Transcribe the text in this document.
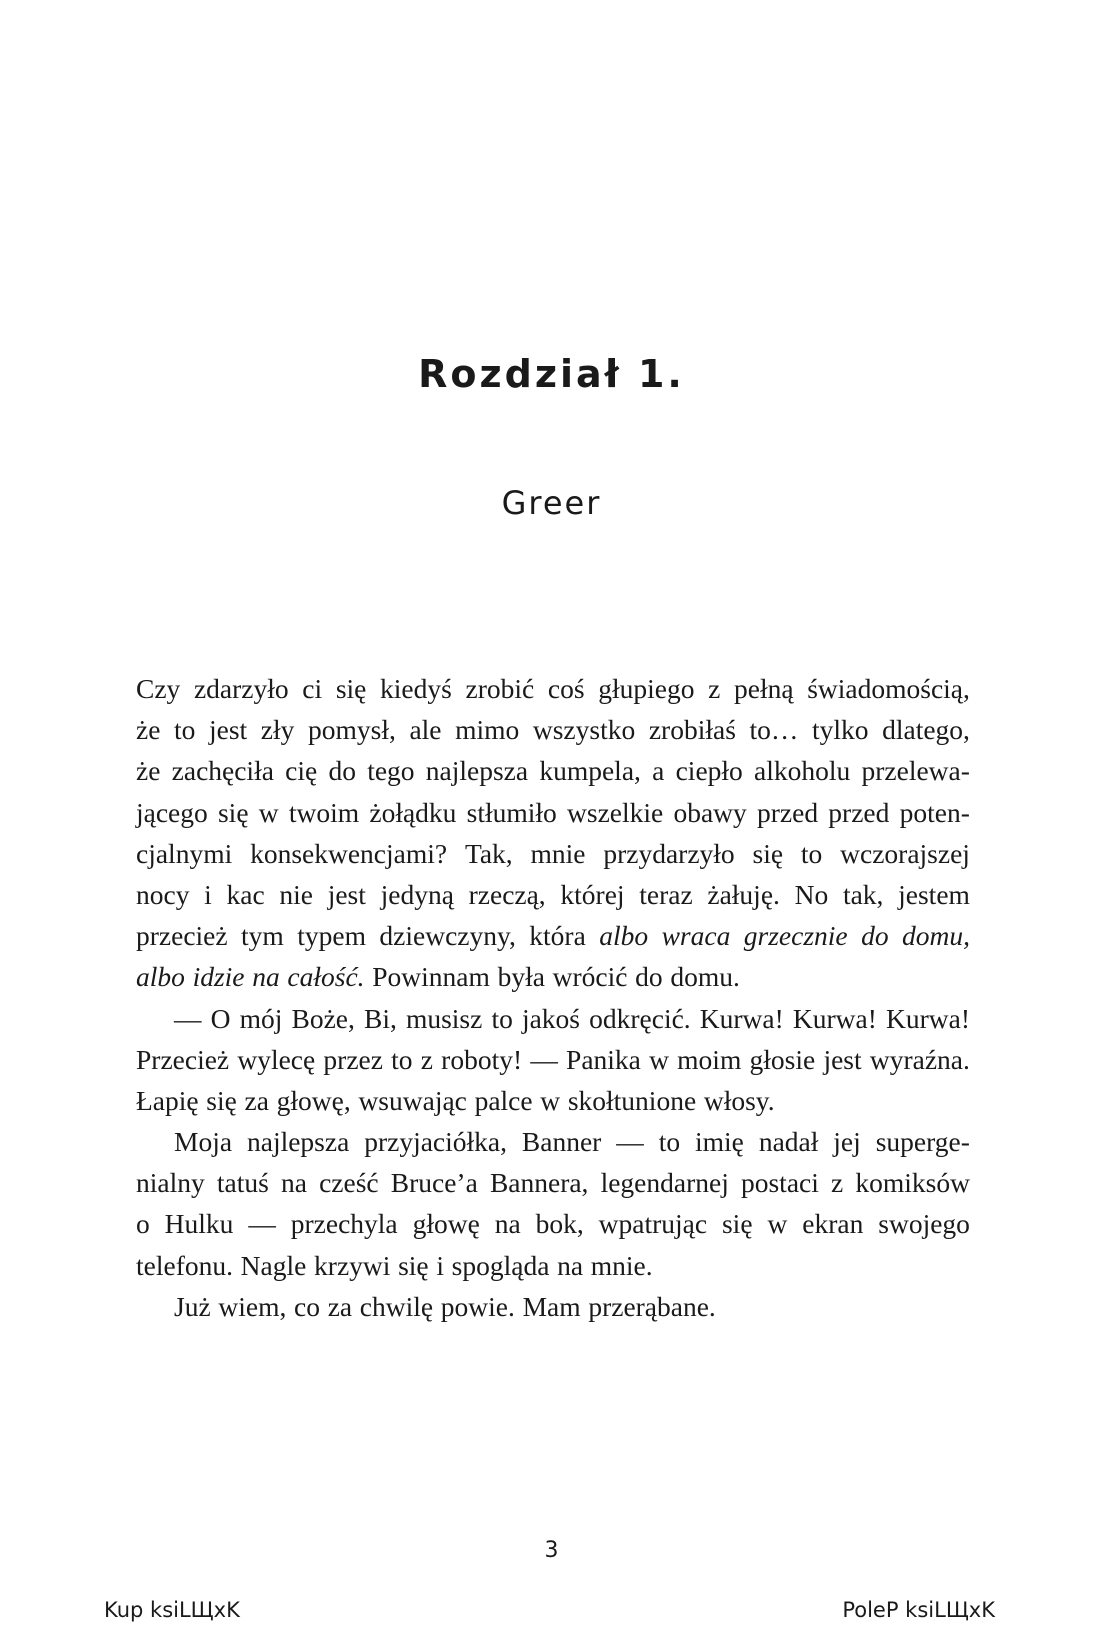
Rozdział 1.
Greer
Czy zdarzyło ci się kiedyś zrobić coś głupiego z pełną świadomością,
że to jest zły pomysł, ale mimo wszystko zrobiłaś to… tylko dlatego,
że zachęciła cię do tego najlepsza kumpela, a ciepło alkoholu przelewa-
jącego się w twoim żołądku stłumiło wszelkie obawy przed przed poten-
cjalnymi konsekwencjami? Tak, mnie przydarzyło się to wczorajszej
nocy i kac nie jest jedyną rzeczą, której teraz żałuję. No tak, jestem
przecież tym typem dziewczyny, która albo wraca grzecznie do domu,
albo idzie na całość. Powinnam była wrócić do domu.
— O mój Boże, Bi, musisz to jakoś odkręcić. Kurwa! Kurwa! Kurwa!
Przecież wylecę przez to z roboty! — Panika w moim głosie jest wyraźna.
Łapię się za głowę, wsuwając palce w skołtunione włosy.
Moja najlepsza przyjaciółka, Banner — to imię nadał jej supergе-
nialny tatuś na cześć Bruce’a Bannera, legendarnej postaci z komiksów
o Hulku — przechyla głowę na bok, wpatrując się w ekran swojego
telefonu. Nagle krzywi się i spogląda na mnie.
Już wiem, co za chwilę powie. Mam przerąbane.
3
Kup ksiLЩxK	PoleP ksiLЩxK
